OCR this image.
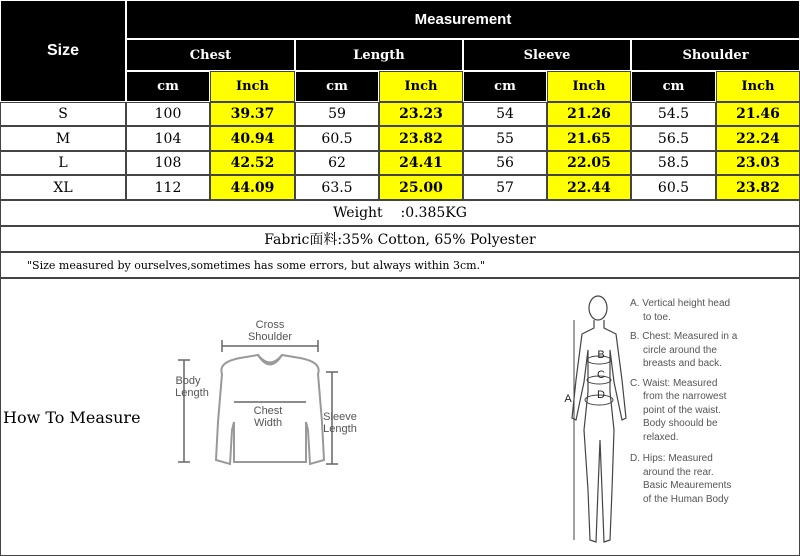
Size
Measurement
Chest	Length	Sleeve	Shoulder
cm	Inch	cm	Inch	cm	Inch	cm	Inch
S	100	39.37	59	23.23	54	21.26	54.5	21.46
M	104	40.94	60.5	23.82	55	21.65	56.5	22.24
L	108	42.52	62	24.41	56	22.05	58.5	23.03
XL	112	44.09	63.5	25.00	57	22.44	60.5	23.82
Weight    :0.385KG
Fabric面料:35% Cotton, 65% Polyester
"Size measured by ourselves,sometimes has some errors, but always within 3cm."
How To Measure
Cross
Shoulder
Body
Length
Chest
Width	Sleeve
Length
A
B
C
D
A. Vertical height head
to toe.
B. Chest: Measured in a
circle around the
breasts and back.
C. Waist: Measured
from the narrowest
point of the waist.
Body shoould be
relaxed.
D. Hips: Measured
around the rear.
Basic Meaurements
of the Human Body
